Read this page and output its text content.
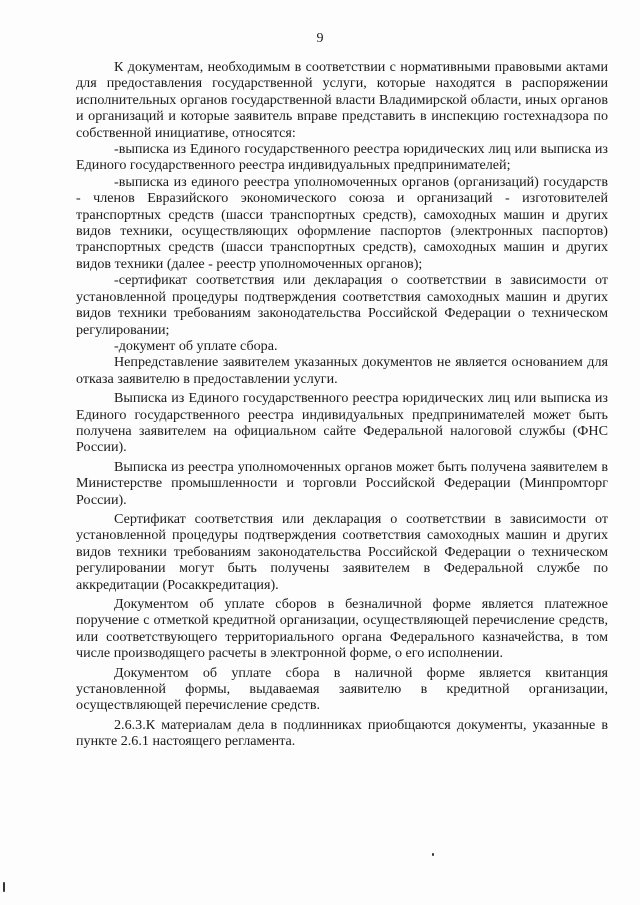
9

К документам, необходимым в соответствии с нормативными правовыми актами для предоставления государственной услуги, которые находятся в распоряжении исполнительных органов государственной власти Владимирской области, иных органов и организаций и которые заявитель вправе представить в инспекцию гостехнадзора по собственной инициативе, относятся:

-выписка из Единого государственного реестра юридических лиц или выписка из Единого государственного реестра индивидуальных предпринимателей;

-выписка из единого реестра уполномоченных органов (организаций) государств - членов Евразийского экономического союза и организаций - изготовителей транспортных средств (шасси транспортных средств), самоходных машин и других видов техники, осуществляющих оформление паспортов (электронных паспортов) транспортных средств (шасси транспортных средств), самоходных машин и других видов техники (далее - реестр уполномоченных органов);

-сертификат соответствия или декларация о соответствии в зависимости от установленной процедуры подтверждения соответствия самоходных машин и других видов техники требованиям законодательства Российской Федерации о техническом регулировании;

-документ об уплате сбора.

Непредставление заявителем указанных документов не является основанием для отказа заявителю в предоставлении услуги.

Выписка из Единого государственного реестра юридических лиц или выписка из Единого государственного реестра индивидуальных предпринимателей может быть получена заявителем на официальном сайте Федеральной налоговой службы (ФНС России).

Выписка из реестра уполномоченных органов может быть получена заявителем в Министерстве промышленности и торговли Российской Федерации (Минпромторг России).

Сертификат соответствия или декларация о соответствии в зависимости от установленной процедуры подтверждения соответствия самоходных машин и других видов техники требованиям законодательства Российской Федерации о техническом регулировании могут быть получены заявителем в Федеральной службе по аккредитации (Росаккредитация).

Документом об уплате сборов в безналичной форме является платежное поручение с отметкой кредитной организации, осуществляющей перечисление средств, или соответствующего территориального органа Федерального казначейства, в том числе производящего расчеты в электронной форме, о его исполнении.

Документом об уплате сбора в наличной форме является квитанция установленной формы, выдаваемая заявителю в кредитной организации, осуществляющей перечисление средств.

2.6.3.К материалам дела в подлинниках приобщаются документы, указанные в пункте 2.6.1 настоящего регламента.
